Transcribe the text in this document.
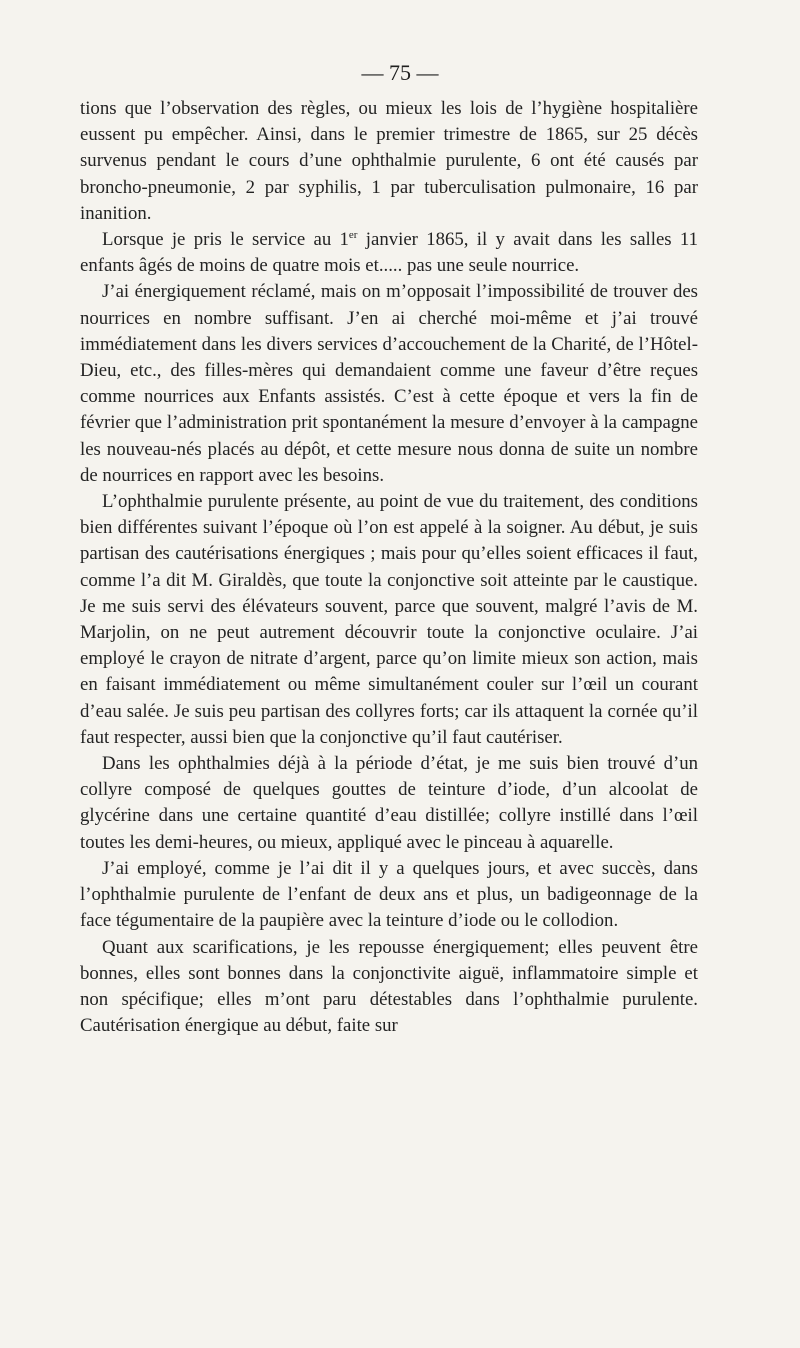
— 75 —

tions que l’observation des règles, ou mieux les lois de l’hygiène hospitalière eussent pu empêcher. Ainsi, dans le premier trimestre de 1865, sur 25 décès survenus pendant le cours d’une ophthalmie purulente, 6 ont été causés par broncho-pneumonie, 2 par syphilis, 1 par tuberculisation pulmonaire, 16 par inanition.

Lorsque je pris le service au 1er janvier 1865, il y avait dans les salles 11 enfants âgés de moins de quatre mois et..... pas une seule nourrice.

J’ai énergiquement réclamé, mais on m’opposait l’impossibilité de trouver des nourrices en nombre suffisant. J’en ai cherché moi-même et j’ai trouvé immédiatement dans les divers services d’accouchement de la Charité, de l’Hôtel-Dieu, etc., des filles-mères qui demandaient comme une faveur d’être reçues comme nourrices aux Enfants assistés. C’est à cette époque et vers la fin de février que l’administration prit spontanément la mesure d’envoyer à la campagne les nouveau-nés placés au dépôt, et cette mesure nous donna de suite un nombre de nourrices en rapport avec les besoins.

L’ophthalmie purulente présente, au point de vue du traitement, des conditions bien différentes suivant l’époque où l’on est appelé à la soigner. Au début, je suis partisan des cautérisations énergiques ; mais pour qu’elles soient efficaces il faut, comme l’a dit M. Giraldès, que toute la conjonctive soit atteinte par le caustique. Je me suis servi des élévateurs souvent, parce que souvent, malgré l’avis de M. Marjolin, on ne peut autrement découvrir toute la conjonctive oculaire. J’ai employé le crayon de nitrate d’argent, parce qu’on limite mieux son action, mais en faisant immédiatement ou même simultanément couler sur l’œil un courant d’eau salée. Je suis peu partisan des collyres forts; car ils attaquent la cornée qu’il faut respecter, aussi bien que la conjonctive qu’il faut cautériser.

Dans les ophthalmies déjà à la période d’état, je me suis bien trouvé d’un collyre composé de quelques gouttes de teinture d’iode, d’un alcoolat de glycérine dans une certaine quantité d’eau distillée; collyre instillé dans l’œil toutes les demi-heures, ou mieux, appliqué avec le pinceau à aquarelle.

J’ai employé, comme je l’ai dit il y a quelques jours, et avec succès, dans l’ophthalmie purulente de l’enfant de deux ans et plus, un badigeonnage de la face tégumentaire de la paupière avec la teinture d’iode ou le collodion.

Quant aux scarifications, je les repousse énergiquement; elles peuvent être bonnes, elles sont bonnes dans la conjonctivite aiguë, inflammatoire simple et non spécifique; elles m’ont paru détestables dans l’ophthalmie purulente. Cautérisation énergique au début, faite sur
